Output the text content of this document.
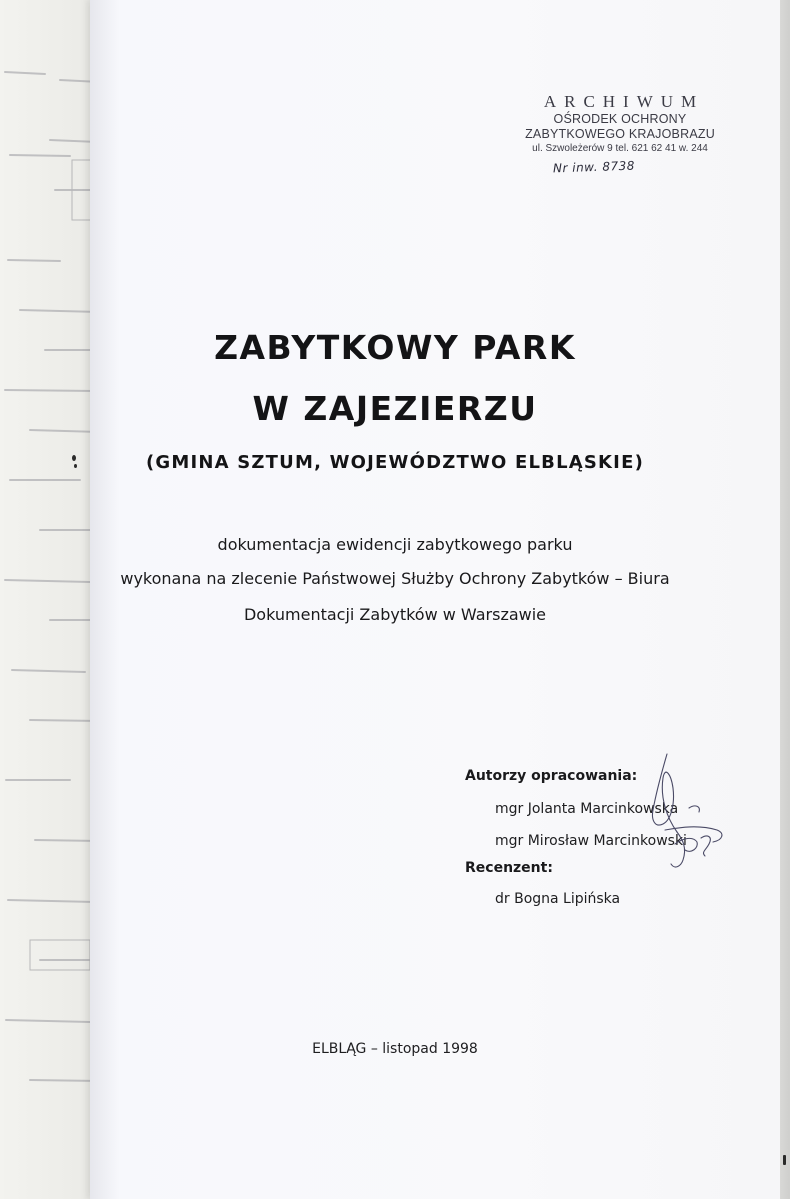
ARCHIWUM
OŚRODEK OCHRONY
ZABYTKOWEGO KRAJOBRAZU
ul. Szwoleżerów 9 tel. 621 62 41 w. 244
Nr inw. 8738
ZABYTKOWY PARK
W ZAJEZIERZU
(GMINA SZTUM, WOJEWÓDZTWO ELBLĄSKIE)
dokumentacja ewidencji zabytkowego parku
wykonana na zlecenie Państwowej Służby Ochrony Zabytków – Biura
Dokumentacji Zabytków w Warszawie
Autorzy opracowania:
mgr Jolanta Marcinkowska
mgr Mirosław Marcinkowski
Recenzent:
dr Bogna Lipińska
ELBLĄG – listopad 1998
